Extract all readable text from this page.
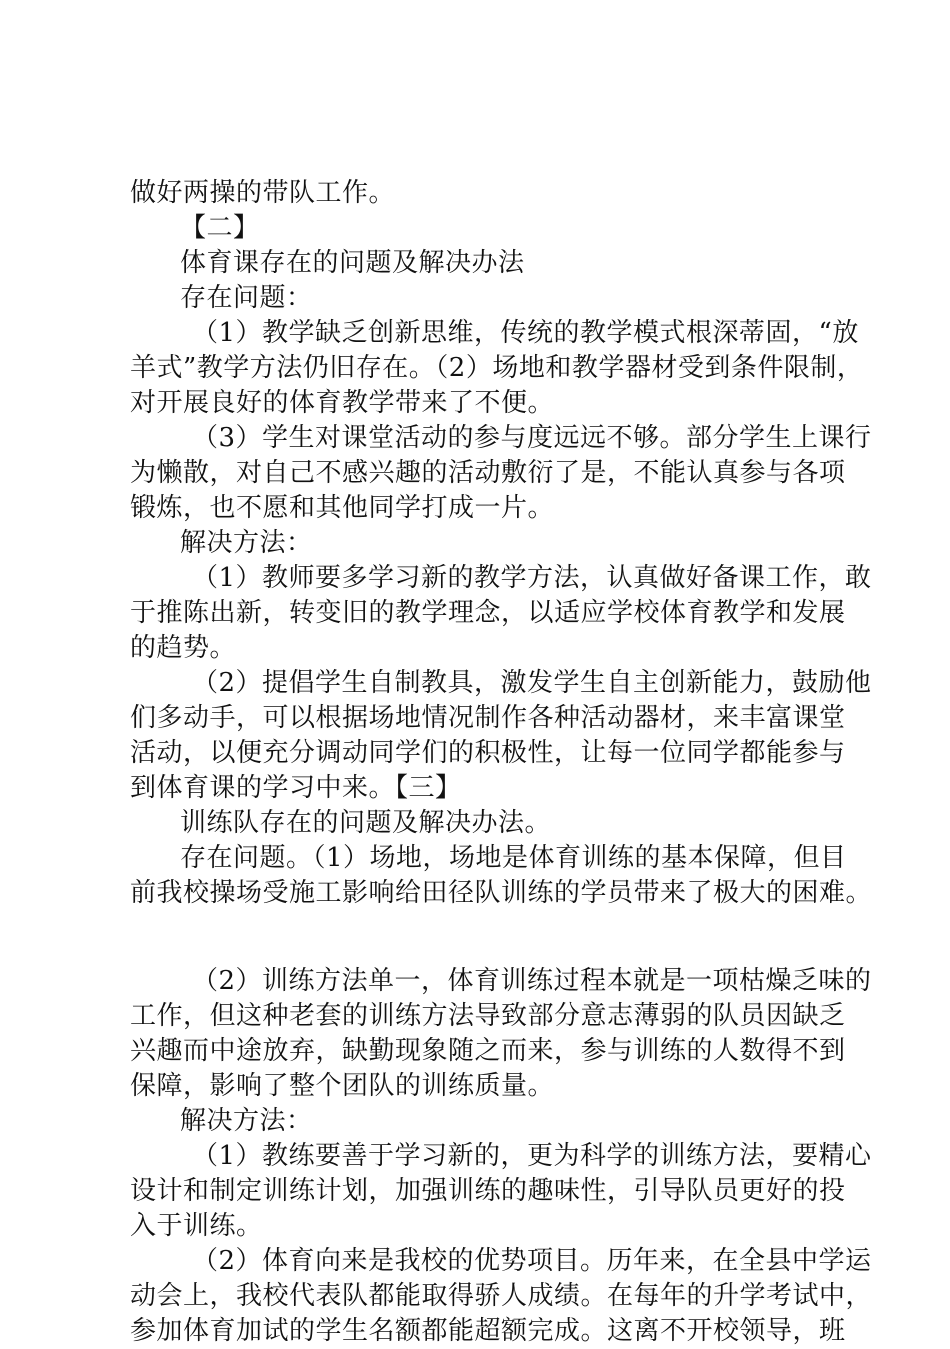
做好两操的带队工作。
【二】
体育课存在的问题及解决办法
存在问题：
（1）教学缺乏创新思维，传统的教学模式根深蒂固，“放
羊式”教学方法仍旧存在。（2）场地和教学器材受到条件限制，
对开展良好的体育教学带来了不便。
（3）学生对课堂活动的参与度远远不够。部分学生上课行
为懒散，对自己不感兴趣的活动敷衍了是，不能认真参与各项
锻炼，也不愿和其他同学打成一片。
解决方法：
（1）教师要多学习新的教学方法，认真做好备课工作，敢
于推陈出新，转变旧的教学理念，以适应学校体育教学和发展
的趋势。
（2）提倡学生自制教具，激发学生自主创新能力，鼓励他
们多动手，可以根据场地情况制作各种活动器材，来丰富课堂
活动，以便充分调动同学们的积极性，让每一位同学都能参与
到体育课的学习中来。【三】
训练队存在的问题及解决办法。
存在问题。（1）场地，场地是体育训练的基本保障，但目
前我校操场受施工影响给田径队训练的学员带来了极大的困难。
（2）训练方法单一，体育训练过程本就是一项枯燥乏味的
工作，但这种老套的训练方法导致部分意志薄弱的队员因缺乏
兴趣而中途放弃，缺勤现象随之而来，参与训练的人数得不到
保障，影响了整个团队的训练质量。
解决方法：
（1）教练要善于学习新的，更为科学的训练方法，要精心
设计和制定训练计划，加强训练的趣味性，引导队员更好的投
入于训练。
（2）体育向来是我校的优势项目。历年来，在全县中学运
动会上，我校代表队都能取得骄人成绩。在每年的升学考试中，
参加体育加试的学生名额都能超额完成。这离不开校领导，班
